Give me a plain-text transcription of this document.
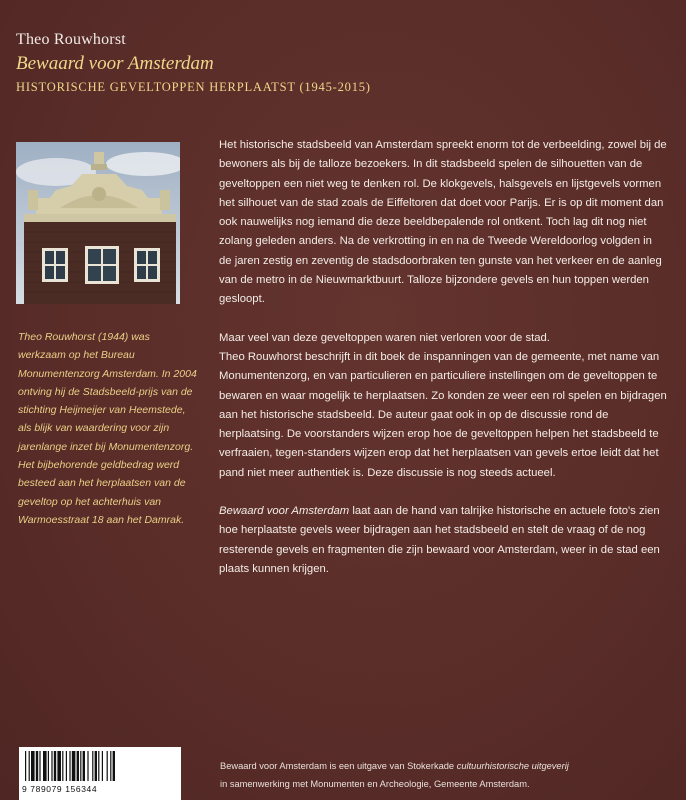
Theo Rouwhorst
Bewaard voor Amsterdam
HISTORISCHE GEVELTOPPEN HERPLAATST (1945-2015)
Theo Rouwhorst (1944) was werkzaam op het Bureau Monumentenzorg Amsterdam. In 2004 ontving hij de Stadsbeeld-prijs van de stichting Heijmeijer van Heemstede, als blijk van waardering voor zijn jarenlange inzet bij Monumentenzorg. Het bijbehorende geldbedrag werd besteed aan het herplaatsen van de geveltop op het achterhuis van Warmoesstraat 18 aan het Damrak.

Het historische stadsbeeld van Amsterdam spreekt enorm tot de verbeelding, zowel bij de bewoners als bij de talloze bezoekers. In dit stadsbeeld spelen de silhouetten van de geveltoppen een niet weg te denken rol. De klokgevels, halsgevels en lijstgevels vormen het silhouet van de stad zoals de Eiffeltoren dat doet voor Parijs. Er is op dit moment dan ook nauwelijks nog iemand die deze beeldbepalende rol ontkent. Toch lag dit nog niet zolang geleden anders. Na de verkrotting in en na de Tweede Wereldoorlog volgden in de jaren zestig en zeventig de stadsdoorbraken ten gunste van het verkeer en de aanleg van de metro in de Nieuwmarktbuurt. Talloze bijzondere gevels en hun toppen werden gesloopt.

Maar veel van deze geveltoppen waren niet verloren voor de stad.
Theo Rouwhorst beschrijft in dit boek de inspanningen van de gemeente, met name van Monumentenzorg, en van particulieren en particuliere instellingen om de geveltoppen te bewaren en waar mogelijk te herplaatsen. Zo konden ze weer een rol spelen en bijdragen aan het historische stadsbeeld. De auteur gaat ook in op de discussie rond de herplaatsing. De voorstanders wijzen erop hoe de geveltoppen helpen het stadsbeeld te verfraaien, tegen-standers wijzen erop dat het herplaatsen van gevels ertoe leidt dat het pand niet meer authentiek is. Deze discussie is nog steeds actueel.

Bewaard voor Amsterdam laat aan de hand van talrijke historische en actuele foto's zien hoe herplaatste gevels weer bijdragen aan het stadsbeeld en stelt de vraag of de nog resterende gevels en fragmenten die zijn bewaard voor Amsterdam, weer in de stad een plaats kunnen krijgen.

9 789079 156344
Bewaard voor Amsterdam is een uitgave van Stokerkade cultuurhistorische uitgeverij
in samenwerking met Monumenten en Archeologie, Gemeente Amsterdam.
